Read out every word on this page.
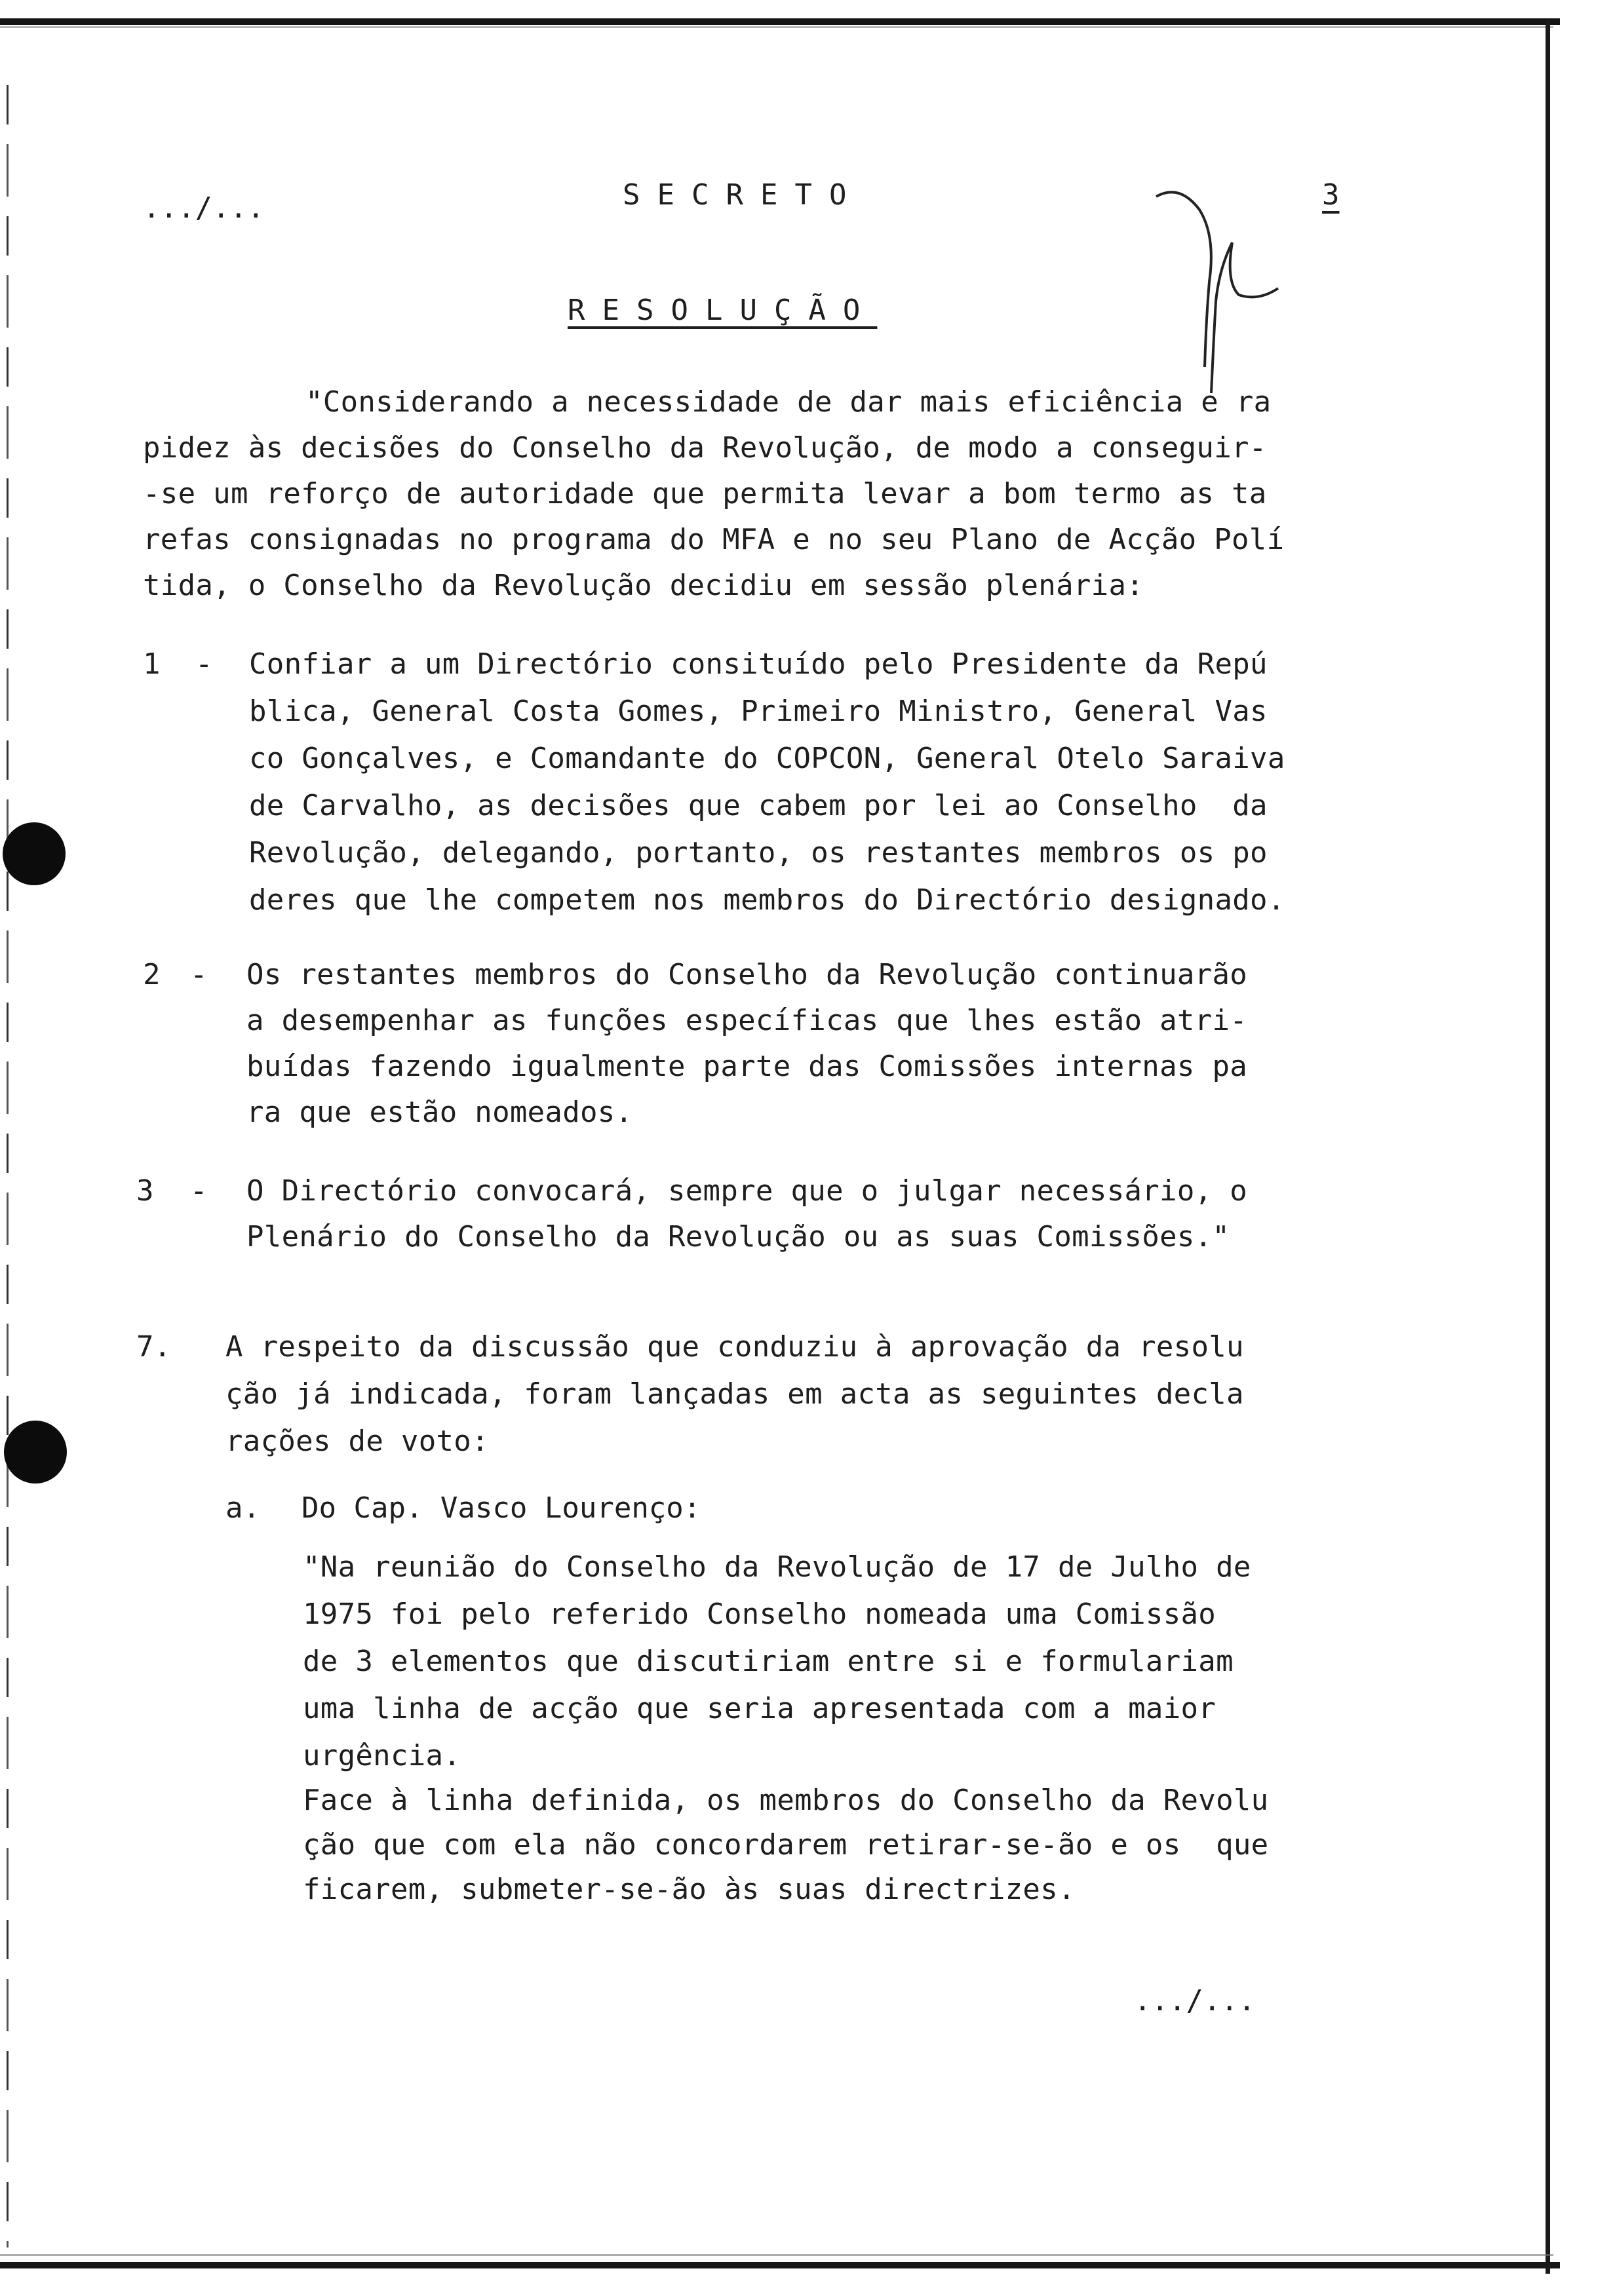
.../...	SECRETO	3
RESOLUÇÃO
"Considerando a necessidade de dar mais eficiência e ra
pidez às decisões do Conselho da Revolução, de modo a conseguir-
-se um reforço de autoridade que permita levar a bom termo as ta
refas consignadas no programa do MFA e no seu Plano de Acção Polí
tida, o Conselho da Revolução decidiu em sessão plenária:
1 - Confiar a um Directório consituído pelo Presidente da Repú
blica, General Costa Gomes, Primeiro Ministro, General Vas
co Gonçalves, e Comandante do COPCON, General Otelo Saraiva
de Carvalho, as decisões que cabem por lei ao Conselho  da
Revolução, delegando, portanto, os restantes membros os po
deres que lhe competem nos membros do Directório designado.
2 - Os restantes membros do Conselho da Revolução continuarão
a desempenhar as funções específicas que lhes estão atri-
buídas fazendo igualmente parte das Comissões internas pa
ra que estão nomeados.
3 - O Directório convocará, sempre que o julgar necessário, o
Plenário do Conselho da Revolução ou as suas Comissões."
7. A respeito da discussão que conduziu à aprovação da resolu
ção já indicada, foram lançadas em acta as seguintes decla
rações de voto:
a. Do Cap. Vasco Lourenço:
"Na reunião do Conselho da Revolução de 17 de Julho de
1975 foi pelo referido Conselho nomeada uma Comissão
de 3 elementos que discutiriam entre si e formulariam
uma linha de acção que seria apresentada com a maior
urgência.
Face à linha definida, os membros do Conselho da Revolu
ção que com ela não concordarem retirar-se-ão e os  que
ficarem, submeter-se-ão às suas directrizes.
.../...
